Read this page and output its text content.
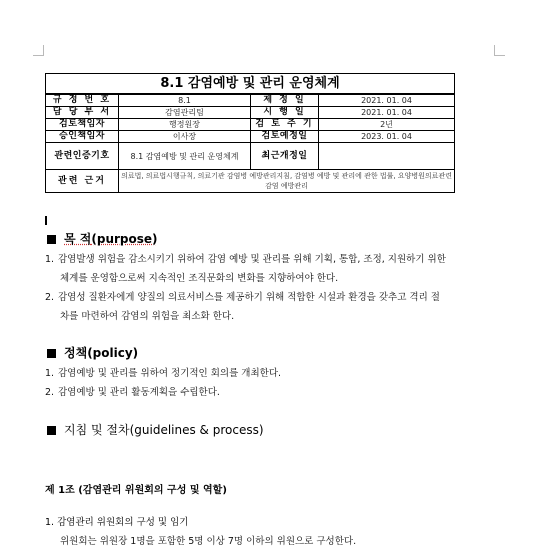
8.1 감염예방 및 관리 운영체계			
규 정 번 호	8.1	제 정 일	2021. 01. 04
담 당 부 서	감염관리팀	시 행 일	2021. 01. 04
검토책임자	행정원장	검 토 주 기	2년
승인책임자	이사장	검토예정일	2023. 01. 04
관련인증기호	8.1 감염예방 및 관리 운영체계	최근개정일	
관련 근거	의료법, 의료법시행규칙, 의료기관 감염병 예방관리지침, 감염병 예방 및 관리에 관한 법률, 요양병원의료관련감염 예방관리		
목 적(purpose)
1. 감염발생 위험을 감소시키기 위하여 감염 예방 및 관리를 위해 기획, 통합, 조정, 지원하기 위한
체계를 운영함으로써 지속적인 조직문화의 변화를 지향하여야 한다.
2. 감염성 질환자에게 양질의 의료서비스를 제공하기 위해 적합한 시설과 환경을 갖추고 격리 절
차를 마련하여 감염의 위험을 최소화 한다.
정책(policy)
1. 감염예방 및 관리를 위하여 정기적인 회의를 개최한다.
2. 감염예방 및 관리 활동계획을 수립한다.
지침 및 절차(guidelines & process)
제 1조 (감염관리 위원회의 구성 및 역할)
1. 감염관리 위원회의 구성 및 임기
위원회는 위원장 1명을 포함한 5명 이상 7명 이하의 위원으로 구성한다.
